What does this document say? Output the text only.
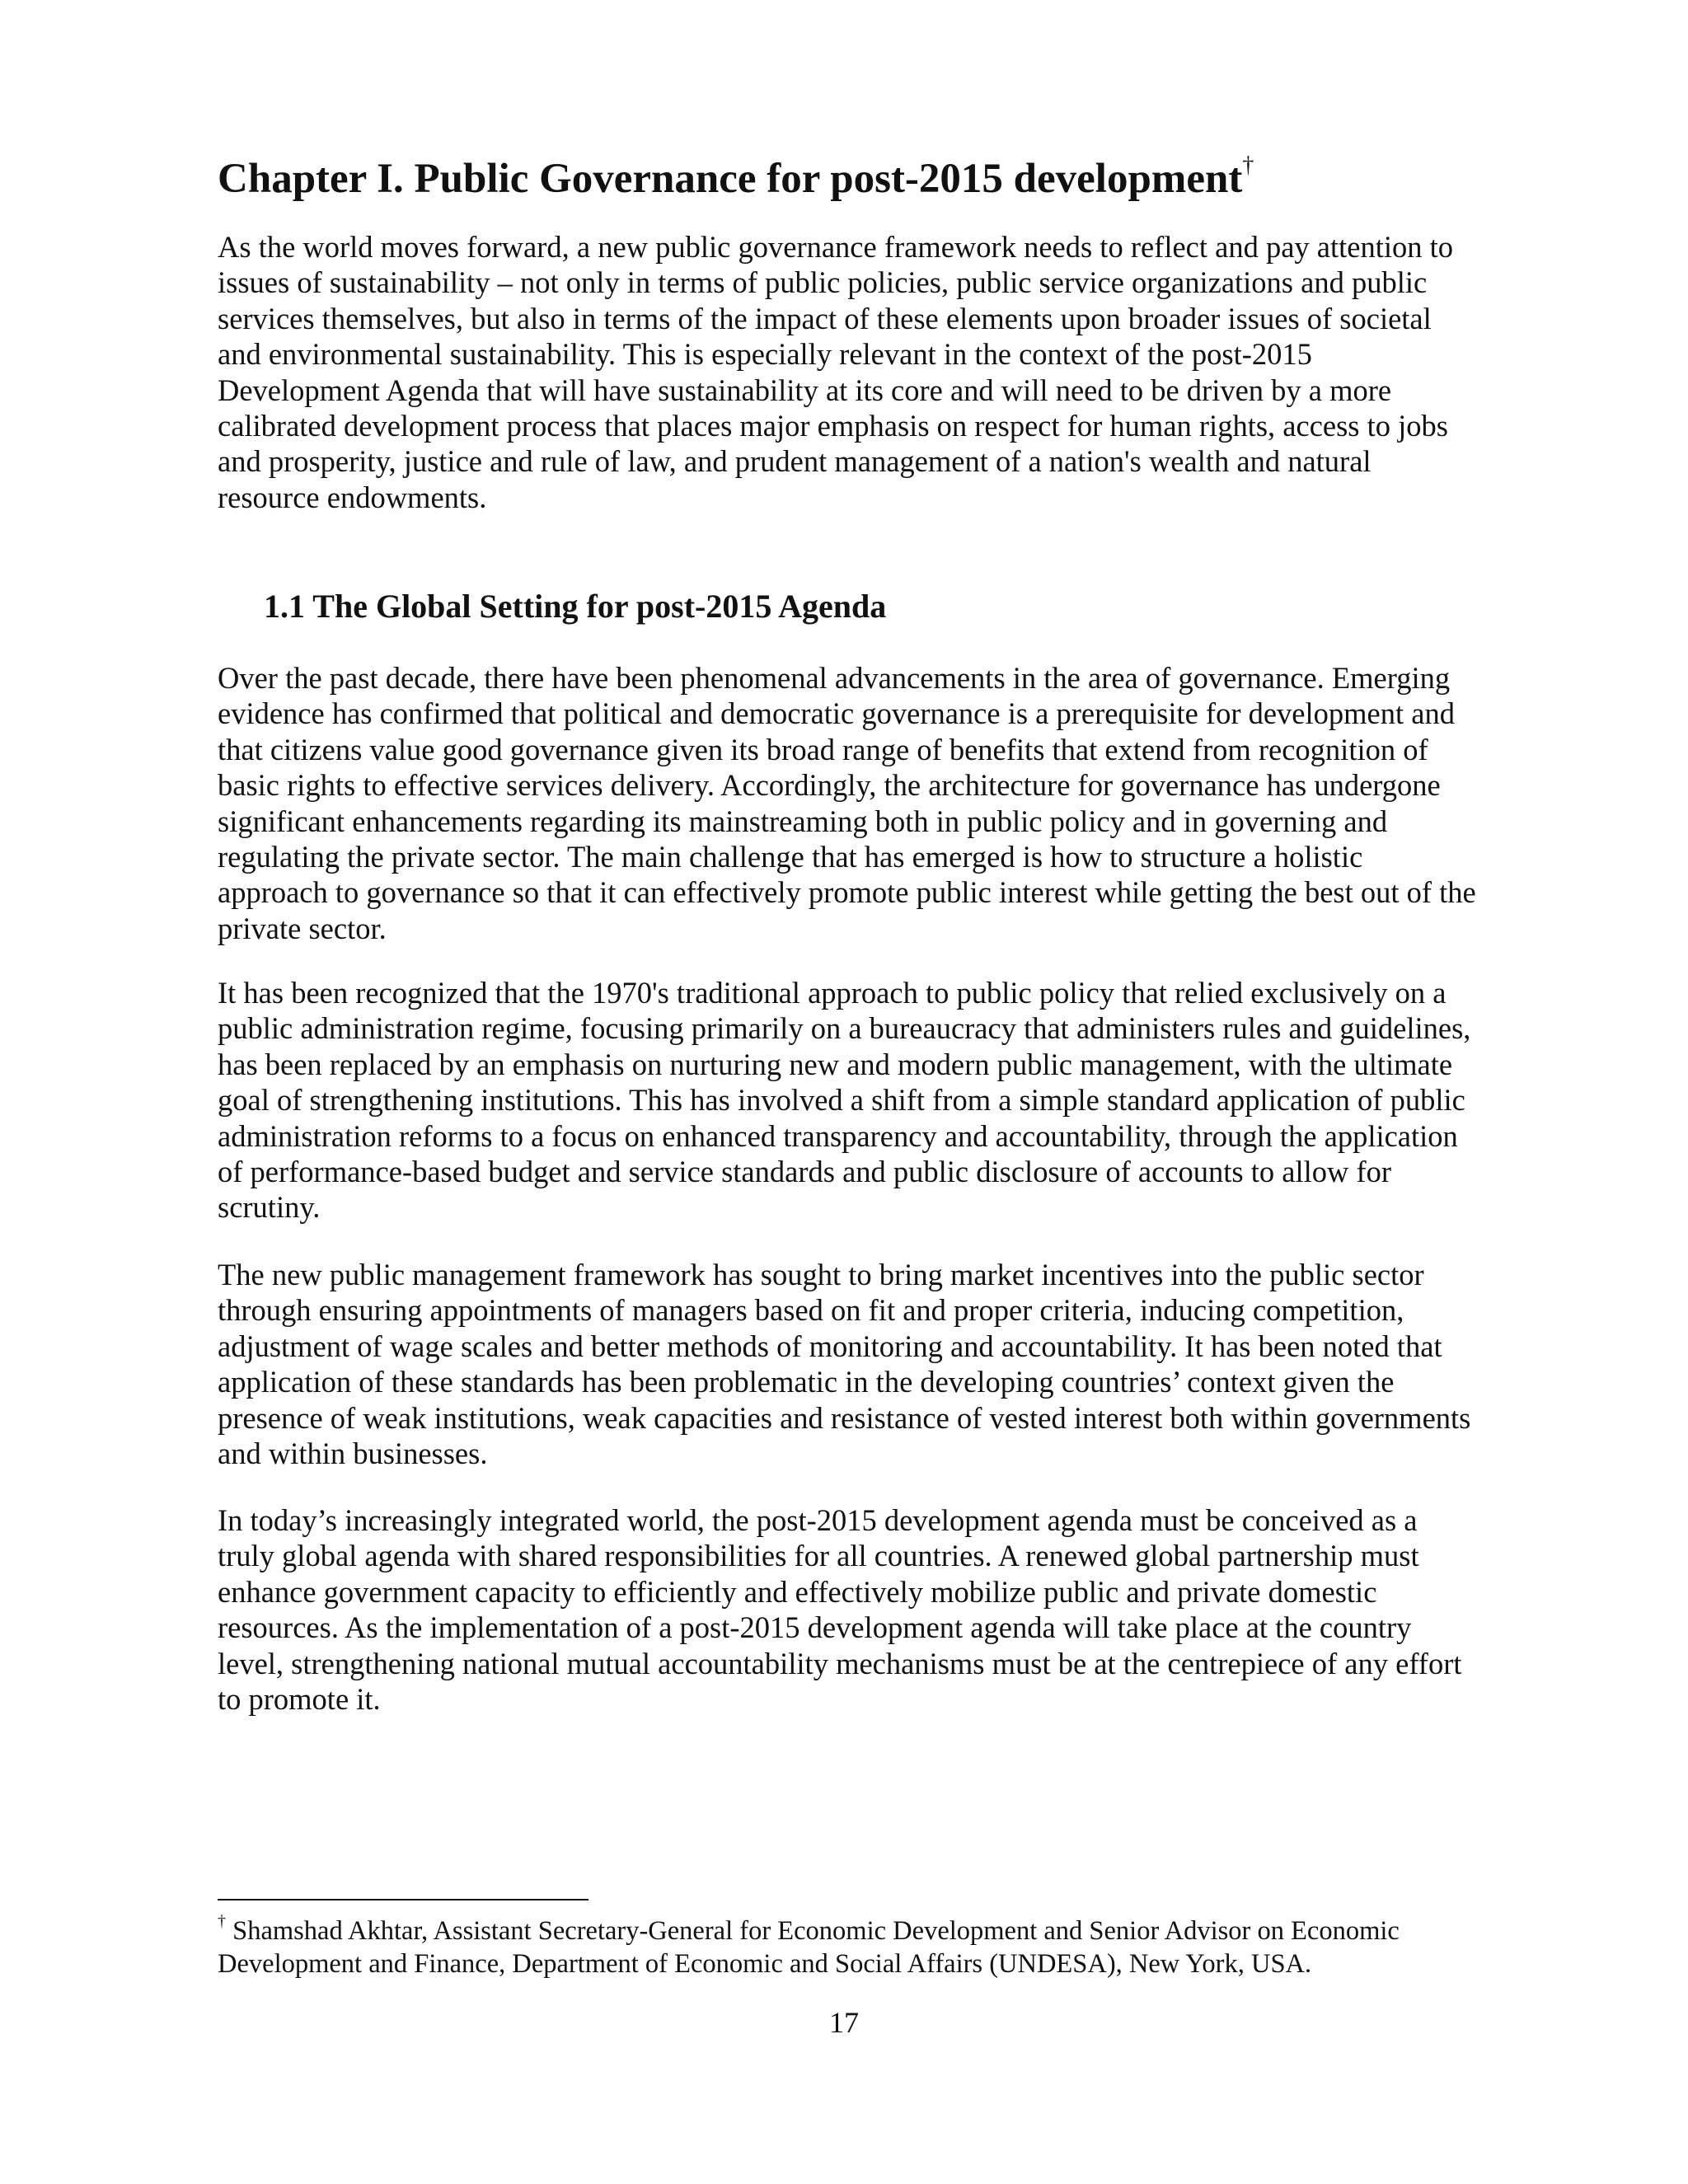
Chapter I. Public Governance for post-2015 development†

As the world moves forward, a new public governance framework needs to reflect and pay attention to issues of sustainability – not only in terms of public policies, public service organizations and public services themselves, but also in terms of the impact of these elements upon broader issues of societal and environmental sustainability. This is especially relevant in the context of the post-2015 Development Agenda that will have sustainability at its core and will need to be driven by a more calibrated development process that places major emphasis on respect for human rights, access to jobs and prosperity, justice and rule of law, and prudent management of a nation's wealth and natural resource endowments.

1.1 The Global Setting for post-2015 Agenda

Over the past decade, there have been phenomenal advancements in the area of governance. Emerging evidence has confirmed that political and democratic governance is a prerequisite for development and that citizens value good governance given its broad range of benefits that extend from recognition of basic rights to effective services delivery. Accordingly, the architecture for governance has undergone significant enhancements regarding its mainstreaming both in public policy and in governing and regulating the private sector. The main challenge that has emerged is how to structure a holistic approach to governance so that it can effectively promote public interest while getting the best out of the private sector.

It has been recognized that the 1970's traditional approach to public policy that relied exclusively on a public administration regime, focusing primarily on a bureaucracy that administers rules and guidelines, has been replaced by an emphasis on nurturing new and modern public management, with the ultimate goal of strengthening institutions. This has involved a shift from a simple standard application of public administration reforms to a focus on enhanced transparency and accountability, through the application of performance-based budget and service standards and public disclosure of accounts to allow for scrutiny.

The new public management framework has sought to bring market incentives into the public sector through ensuring appointments of managers based on fit and proper criteria, inducing competition, adjustment of wage scales and better methods of monitoring and accountability. It has been noted that application of these standards has been problematic in the developing countries’ context given the presence of weak institutions, weak capacities and resistance of vested interest both within governments and within businesses.

In today’s increasingly integrated world, the post-2015 development agenda must be conceived as a truly global agenda with shared responsibilities for all countries. A renewed global partnership must enhance government capacity to efficiently and effectively mobilize public and private domestic resources. As the implementation of a post-2015 development agenda will take place at the country level, strengthening national mutual accountability mechanisms must be at the centrepiece of any effort to promote it.

† Shamshad Akhtar, Assistant Secretary-General for Economic Development and Senior Advisor on Economic Development and Finance, Department of Economic and Social Affairs (UNDESA), New York, USA.

17
